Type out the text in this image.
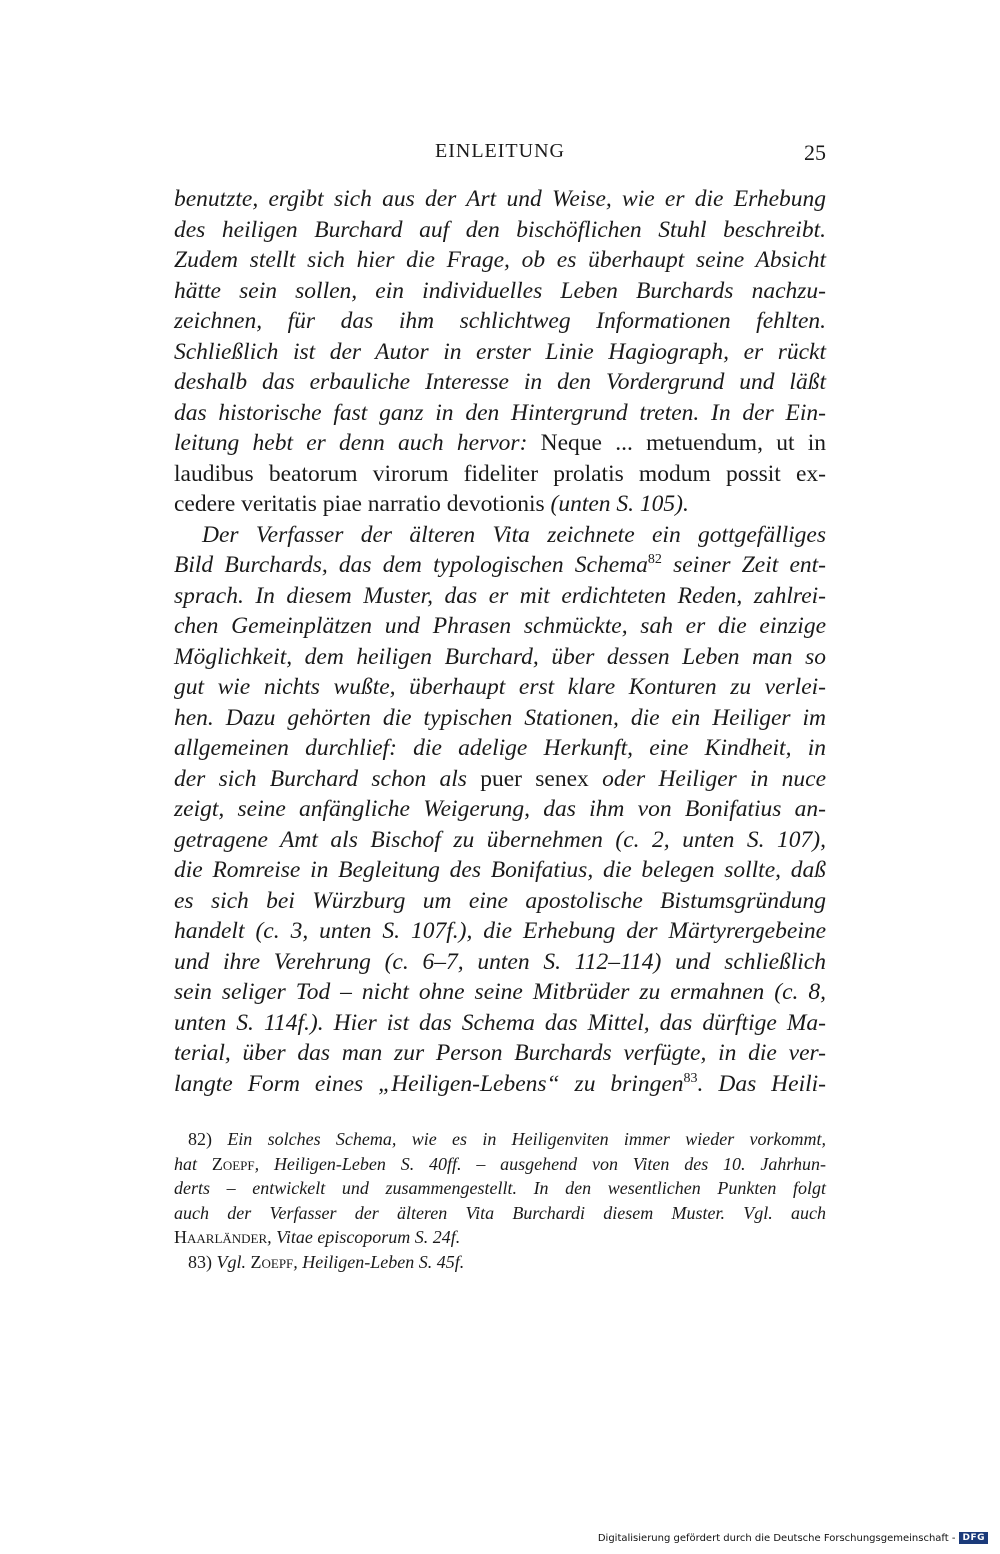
EINLEITUNG	25
benutzte, ergibt sich aus der Art und Weise, wie er die Erhebung
des heiligen Burchard auf den bischöflichen Stuhl beschreibt.
Zudem stellt sich hier die Frage, ob es überhaupt seine Absicht
hätte sein sollen, ein individuelles Leben Burchards nachzu-
zeichnen, für das ihm schlichtweg Informationen fehlten.
Schließlich ist der Autor in erster Linie Hagiograph, er rückt
deshalb das erbauliche Interesse in den Vordergrund und läßt
das historische fast ganz in den Hintergrund treten. In der Ein-
leitung hebt er denn auch hervor: Neque ... metuendum, ut in
laudibus beatorum virorum fideliter prolatis modum possit ex-
cedere veritatis piae narratio devotionis (unten S. 105).
Der Verfasser der älteren Vita zeichnete ein gottgefälliges
Bild Burchards, das dem typologischen Schema$^{82}$ seiner Zeit ent-
sprach. In diesem Muster, das er mit erdichteten Reden, zahlrei-
chen Gemeinplätzen und Phrasen schmückte, sah er die einzige
Möglichkeit, dem heiligen Burchard, über dessen Leben man so
gut wie nichts wußte, überhaupt erst klare Konturen zu verlei-
hen. Dazu gehörten die typischen Stationen, die ein Heiliger im
allgemeinen durchlief: die adelige Herkunft, eine Kindheit, in
der sich Burchard schon als puer senex oder Heiliger in nuce
zeigt, seine anfängliche Weigerung, das ihm von Bonifatius an-
getragene Amt als Bischof zu übernehmen (c. 2, unten S. 107),
die Romreise in Begleitung des Bonifatius, die belegen sollte, daß
es sich bei Würzburg um eine apostolische Bistumsgründung
handelt (c. 3, unten S. 107f.), die Erhebung der Märtyrergebeine
und ihre Verehrung (c. 6–7, unten S. 112–114) und schließlich
sein seliger Tod – nicht ohne seine Mitbrüder zu ermahnen (c. 8,
unten S. 114f.). Hier ist das Schema das Mittel, das dürftige Ma-
terial, über das man zur Person Burchards verfügte, in die ver-
langte Form eines „Heiligen-Lebens“ zu bringen$^{83}$. Das Heili-
82) Ein solches Schema, wie es in Heiligenviten immer wieder vorkommt,
hat Zoepf, Heiligen-Leben S. 40ff. – ausgehend von Viten des 10. Jahrhun-
derts – entwickelt und zusammengestellt. In den wesentlichen Punkten folgt
auch der Verfasser der älteren Vita Burchardi diesem Muster. Vgl. auch
Haarländer, Vitae episcoporum S. 24f.
83) Vgl. Zoepf, Heiligen-Leben S. 45f.
Digitalisierung gefördert durch die Deutsche Forschungsgemeinschaft - DFG
